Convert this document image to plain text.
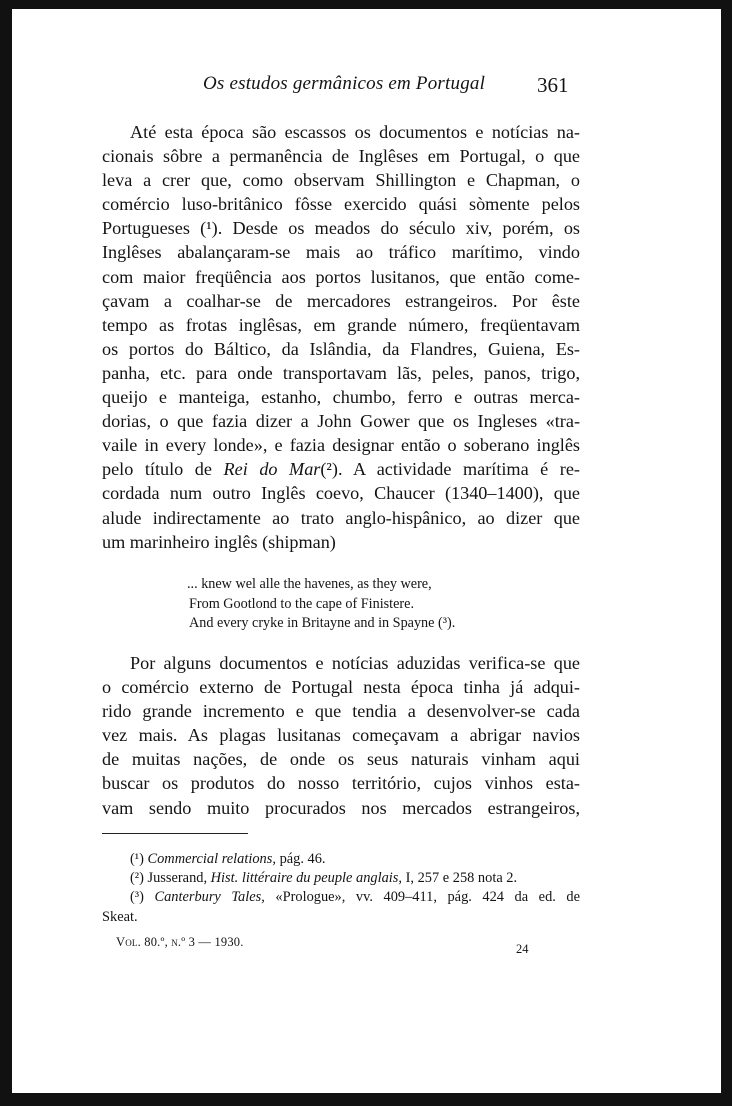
Os estudos germânicos em Portugal 361
Até esta época são escassos os documentos e notícias na-
cionais sôbre a permanência de Inglêses em Portugal, o que
leva a crer que, como observam Shillington e Chapman, o
comércio luso-britânico fôsse exercido quási sòmente pelos
Portugueses (¹). Desde os meados do século xiv, porém, os
Inglêses abalançaram-se mais ao tráfico marítimo, vindo
com maior freqüência aos portos lusitanos, que então come-
çavam a coalhar-se de mercadores estrangeiros. Por êste
tempo as frotas inglêsas, em grande número, freqüentavam
os portos do Báltico, da Islândia, da Flandres, Guiena, Es-
panha, etc. para onde transportavam lãs, peles, panos, trigo,
queijo e manteiga, estanho, chumbo, ferro e outras merca-
dorias, o que fazia dizer a John Gower que os Ingleses «tra-
vaile in every londe», e fazia designar então o soberano inglês
pelo título de Rei do Mar(²). A actividade marítima é re-
cordada num outro Inglês coevo, Chaucer (1340–1400), que
alude indirectamente ao trato anglo-hispânico, ao dizer que
um marinheiro inglês (shipman)
... knew wel alle the havenes, as they were,
From Gootlond to the cape of Finistere.
And every cryke in Britayne and in Spayne (³).
Por alguns documentos e notícias aduzidas verifica-se que
o comércio externo de Portugal nesta época tinha já adqui-
rido grande incremento e que tendia a desenvolver-se cada
vez mais. As plagas lusitanas começavam a abrigar navios
de muitas nações, de onde os seus naturais vinham aqui
buscar os produtos do nosso território, cujos vinhos esta-
vam sendo muito procurados nos mercados estrangeiros,
(¹) Commercial relations, pág. 46.
(²) Jusserand, Hist. littéraire du peuple anglais, I, 257 e 258 nota 2.
(³) Canterbury Tales, «Prologue», vv. 409–411, pág. 424 da ed. de
Skeat.
Vol. 80.º, n.º 3 — 1930.	24
